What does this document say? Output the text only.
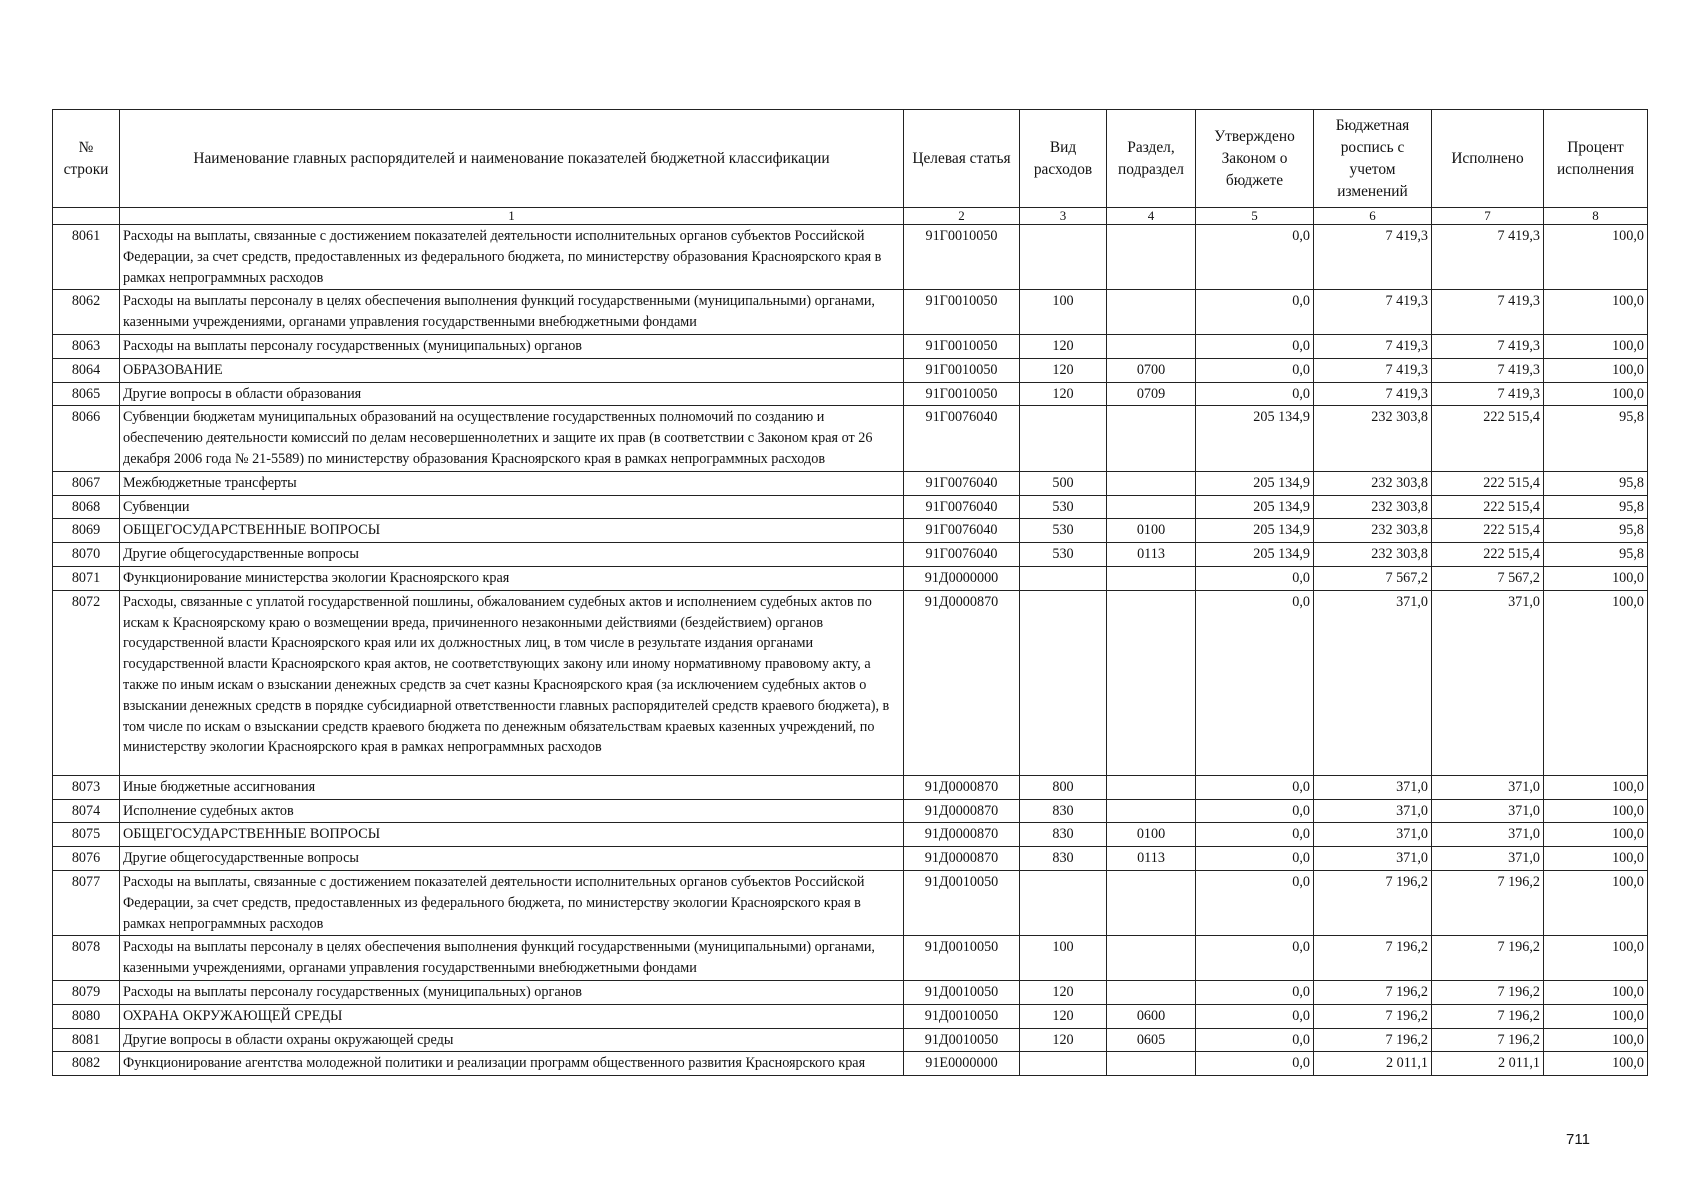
№ строки	Наименование главных распорядителей и наименование показателей бюджетной классификации	Целевая статья	Вид расходов	Раздел, подраздел	Утверждено Законом о бюджете	Бюджетная роспись с учетом изменений	Исполнено	Процент исполнения
	1	2	3	4	5	6	7	8
8061	Расходы на выплаты, связанные с достижением показателей деятельности исполнительных органов субъектов Российской Федерации, за счет средств, предоставленных из федерального бюджета, по министерству образования Красноярского края в рамках непрограммных расходов	91Г0010050			0,0	7 419,3	7 419,3	100,0
8062	Расходы на выплаты персоналу в целях обеспечения выполнения функций государственными (муниципальными) органами, казенными учреждениями, органами управления государственными внебюджетными фондами	91Г0010050	100		0,0	7 419,3	7 419,3	100,0
8063	Расходы на выплаты персоналу государственных (муниципальных) органов	91Г0010050	120		0,0	7 419,3	7 419,3	100,0
8064	ОБРАЗОВАНИЕ	91Г0010050	120	0700	0,0	7 419,3	7 419,3	100,0
8065	Другие вопросы в области образования	91Г0010050	120	0709	0,0	7 419,3	7 419,3	100,0
8066	Субвенции бюджетам муниципальных образований на осуществление государственных полномочий по созданию и обеспечению деятельности комиссий по делам несовершеннолетних и защите их прав (в соответствии с Законом края от 26 декабря 2006 года № 21-5589) по министерству образования Красноярского края в рамках непрограммных расходов	91Г0076040			205 134,9	232 303,8	222 515,4	95,8
8067	Межбюджетные трансферты	91Г0076040	500		205 134,9	232 303,8	222 515,4	95,8
8068	Субвенции	91Г0076040	530		205 134,9	232 303,8	222 515,4	95,8
8069	ОБЩЕГОСУДАРСТВЕННЫЕ ВОПРОСЫ	91Г0076040	530	0100	205 134,9	232 303,8	222 515,4	95,8
8070	Другие общегосударственные вопросы	91Г0076040	530	0113	205 134,9	232 303,8	222 515,4	95,8
8071	Функционирование министерства экологии Красноярского края	91Д0000000			0,0	7 567,2	7 567,2	100,0
8072	Расходы, связанные с уплатой государственной пошлины, обжалованием судебных актов и исполнением судебных актов по искам к Красноярскому краю о возмещении вреда, причиненного незаконными действиями (бездействием) органов государственной власти Красноярского края или их должностных лиц, в том числе в результате издания органами государственной власти Красноярского края актов, не соответствующих закону или иному нормативному правовому акту, а также по иным искам о взыскании денежных средств за счет казны Красноярского края (за исключением судебных актов о взыскании денежных средств в порядке субсидиарной ответственности главных распорядителей средств краевого бюджета), в том числе по искам о взыскании средств краевого бюджета по денежным обязательствам краевых казенных учреждений, по министерству экологии Красноярского края в рамках непрограммных расходов	91Д0000870			0,0	371,0	371,0	100,0
8073	Иные бюджетные ассигнования	91Д0000870	800		0,0	371,0	371,0	100,0
8074	Исполнение судебных актов	91Д0000870	830		0,0	371,0	371,0	100,0
8075	ОБЩЕГОСУДАРСТВЕННЫЕ ВОПРОСЫ	91Д0000870	830	0100	0,0	371,0	371,0	100,0
8076	Другие общегосударственные вопросы	91Д0000870	830	0113	0,0	371,0	371,0	100,0
8077	Расходы на выплаты, связанные с достижением показателей деятельности исполнительных органов субъектов Российской Федерации, за счет средств, предоставленных из федерального бюджета, по министерству экологии Красноярского края в рамках непрограммных расходов	91Д0010050			0,0	7 196,2	7 196,2	100,0
8078	Расходы на выплаты персоналу в целях обеспечения выполнения функций государственными (муниципальными) органами, казенными учреждениями, органами управления государственными внебюджетными фондами	91Д0010050	100		0,0	7 196,2	7 196,2	100,0
8079	Расходы на выплаты персоналу государственных (муниципальных) органов	91Д0010050	120		0,0	7 196,2	7 196,2	100,0
8080	ОХРАНА ОКРУЖАЮЩЕЙ СРЕДЫ	91Д0010050	120	0600	0,0	7 196,2	7 196,2	100,0
8081	Другие вопросы в области охраны окружающей среды	91Д0010050	120	0605	0,0	7 196,2	7 196,2	100,0
8082	Функционирование агентства молодежной политики и реализации программ общественного развития Красноярского края	91Е0000000			0,0	2 011,1	2 011,1	100,0
711
